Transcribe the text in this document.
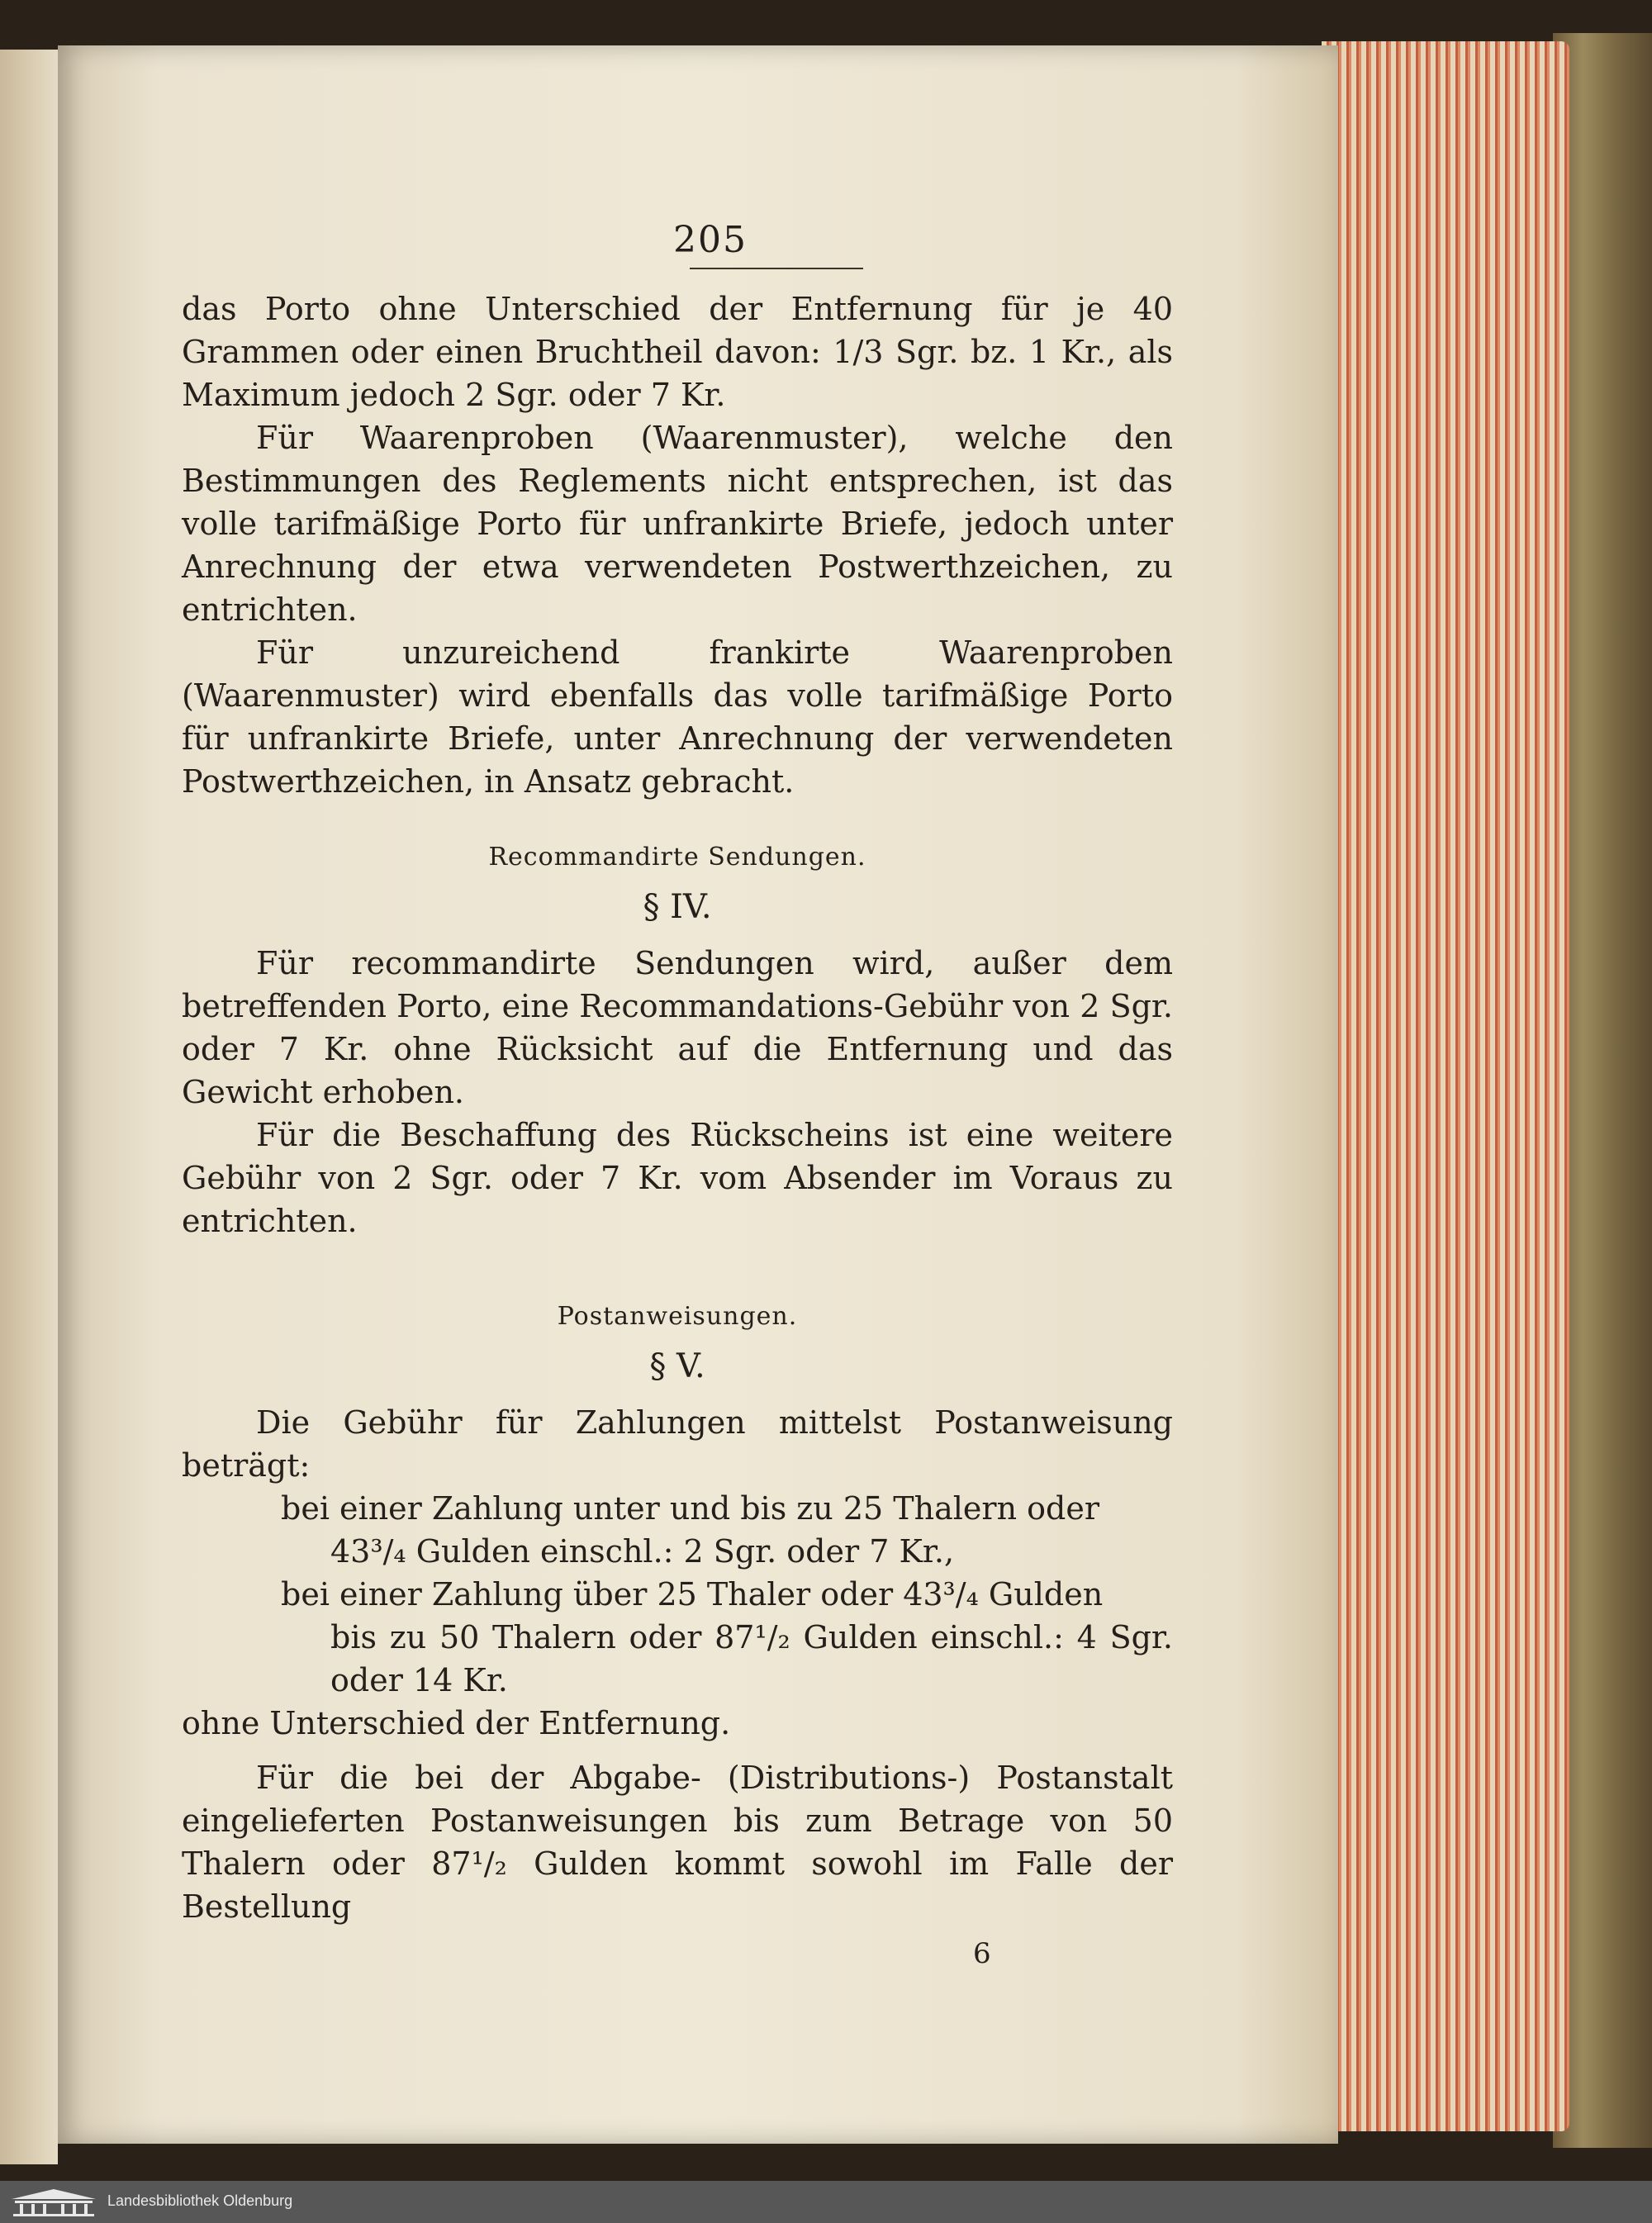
205

das Porto ohne Unterschied der Entfernung für je 40 Grammen oder einen Bruchtheil davon: 1/3 Sgr. bz. 1 Kr., als Maximum jedoch 2 Sgr. oder 7 Kr.

Für Waarenproben (Waarenmuster), welche den Bestimmungen des Reglements nicht entsprechen, ist das volle tarifmäßige Porto für unfrankirte Briefe, jedoch unter Anrechnung der etwa verwendeten Postwerthzeichen, zu entrichten.

Für unzureichend frankirte Waarenproben (Waarenmuster) wird ebenfalls das volle tarifmäßige Porto für unfrankirte Briefe, unter Anrechnung der verwendeten Postwerthzeichen, in Ansatz gebracht.

Recommandirte Sendungen.
§ IV.

Für recommandirte Sendungen wird, außer dem betreffenden Porto, eine Recommandations-Gebühr von 2 Sgr. oder 7 Kr. ohne Rücksicht auf die Entfernung und das Gewicht erhoben.

Für die Beschaffung des Rückscheins ist eine weitere Gebühr von 2 Sgr. oder 7 Kr. vom Absender im Voraus zu entrichten.

Postanweisungen.
§ V.

Die Gebühr für Zahlungen mittelst Postanweisung beträgt:

bei einer Zahlung unter und bis zu 25 Thalern oder
43³/₄ Gulden einschl.: 2 Sgr. oder 7 Kr.,

bei einer Zahlung über 25 Thaler oder 43³/₄ Gulden
bis zu 50 Thalern oder 87¹/₂ Gulden einschl.: 4 Sgr. oder 14 Kr.

ohne Unterschied der Entfernung.

Für die bei der Abgabe- (Distributions-) Postanstalt eingelieferten Postanweisungen bis zum Betrage von 50 Thalern oder 87¹/₂ Gulden kommt sowohl im Falle der Bestellung

6
Landesbibliothek Oldenburg
